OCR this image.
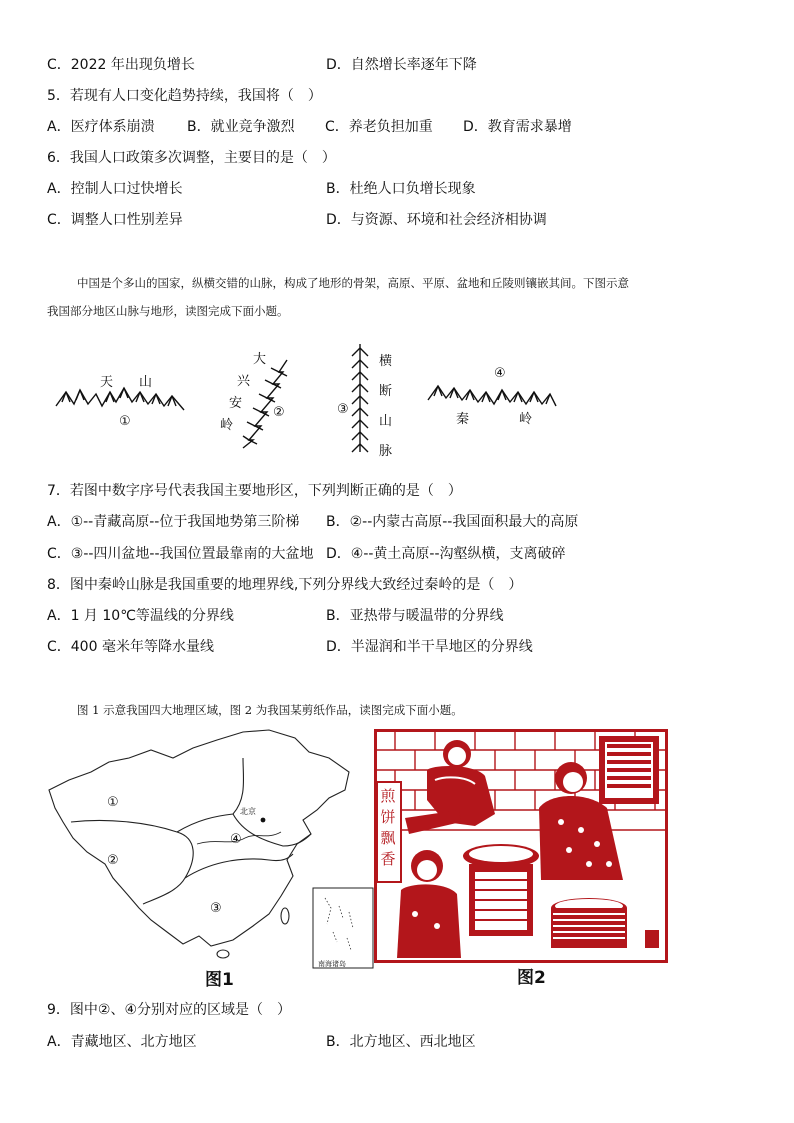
C．2022 年出现负增长	D．自然增长率逐年下降
5．若现有人口变化趋势持续，我国将（　）
A．医疗体系崩溃 B．就业竞争激烈 C．养老负担加重 D．教育需求暴增
6．我国人口政策多次调整，主要目的是（　）
A．控制人口过快增长	B．杜绝人口负增长现象
C．调整人口性别差异	D．与资源、环境和社会经济相协调
中国是个多山的国家，纵横交错的山脉，构成了地形的骨架，高原、平原、盆地和丘陵则镶嵌其间。下图示意
我国部分地区山脉与地形，读图完成下面小题。
天 山
①
大
兴
安
岭
②
横
断
山
脉
③
④
秦	岭
7．若图中数字序号代表我国主要地形区，下列判断正确的是（　）
A．①--青藏高原--位于我国地势第三阶梯 B．②--内蒙古高原--我国面积最大的高原
C．③--四川盆地--我国位置最靠南的大盆地 D．④--黄土高原--沟壑纵横，支离破碎
8．图中秦岭山脉是我国重要的地理界线,下列分界线大致经过秦岭的是（　）
A．1 月 10℃等温线的分界线	B．亚热带与暖温带的分界线
C．400 毫米年等降水量线	D．半湿润和半干旱地区的分界线
图 1 示意我国四大地理区域，图 2 为我国某剪纸作品，读图完成下面小题。
①
②
③
④
北京
南海诸岛
图1
煎饼飘香
图2
9．图中②、④分别对应的区域是（　）
A．青藏地区、北方地区	B．北方地区、西北地区
